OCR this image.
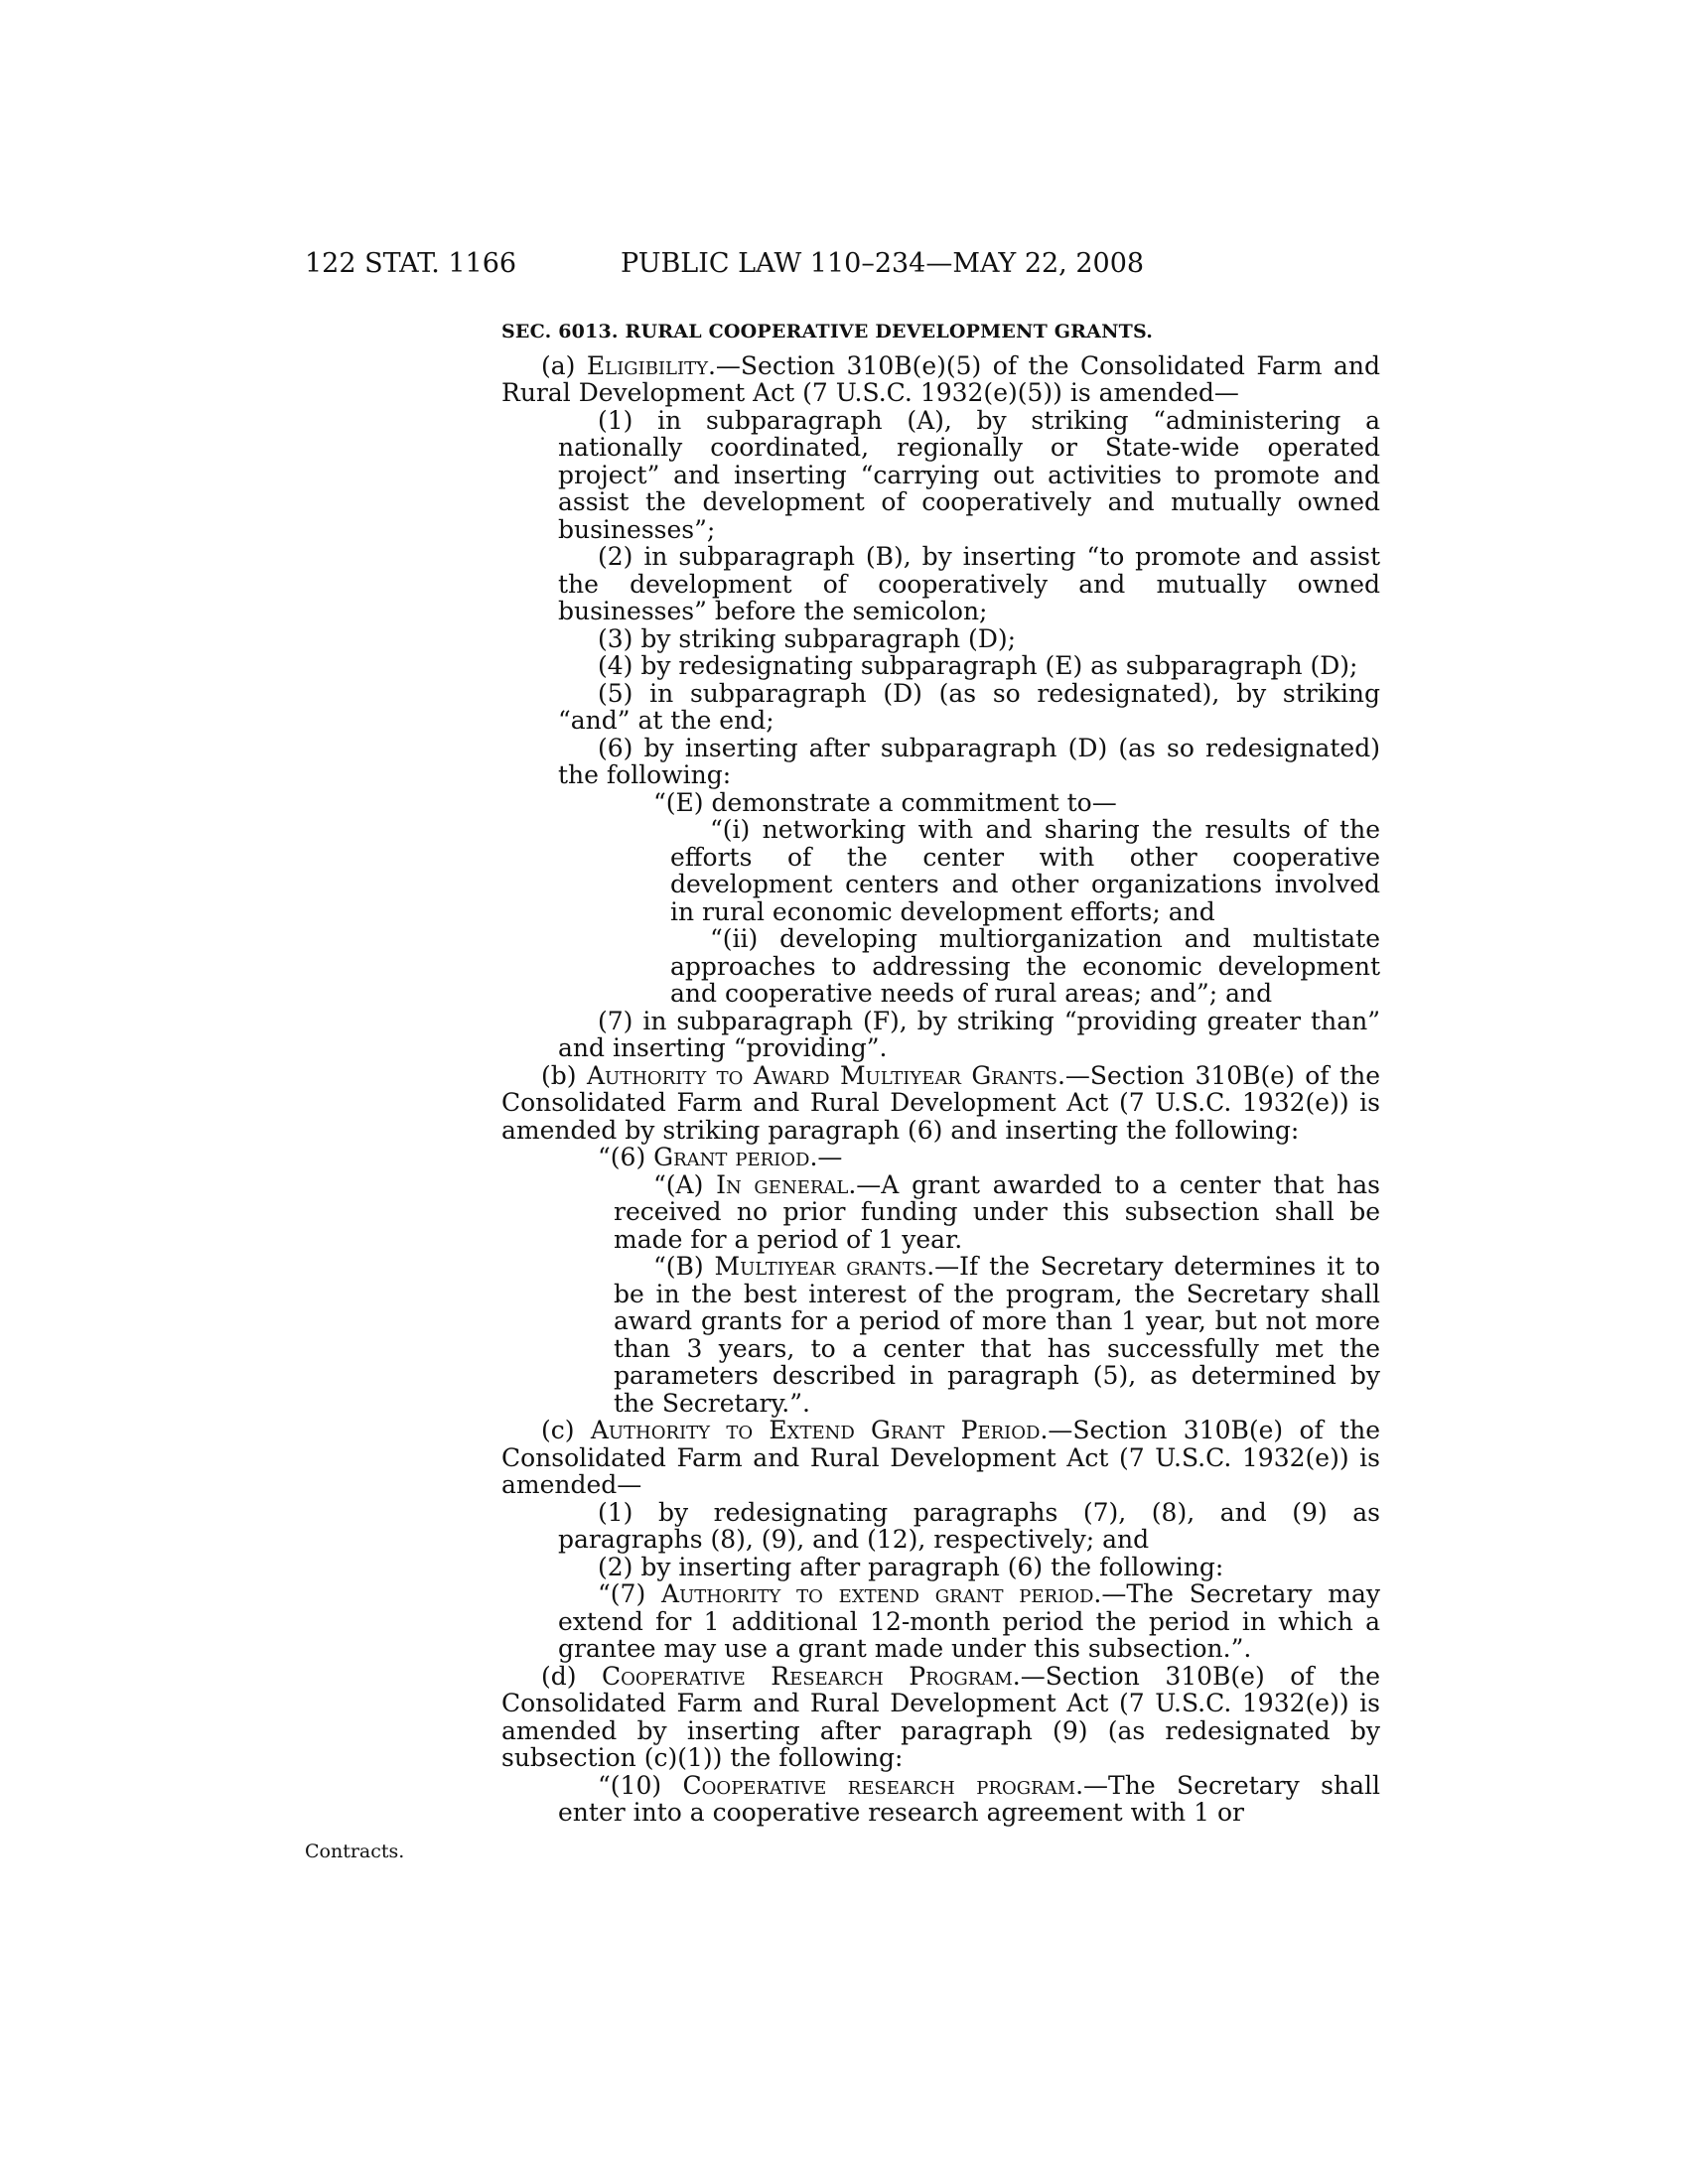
122 STAT. 1166	PUBLIC LAW 110–234—MAY 22, 2008
Contracts.
SEC. 6013. RURAL COOPERATIVE DEVELOPMENT GRANTS.

(a) Eligibility.—Section 310B(e)(5) of the Consolidated Farm and Rural Development Act (7 U.S.C. 1932(e)(5)) is amended—

(1) in subparagraph (A), by striking “administering a nationally coordinated, regionally or State-wide operated project” and inserting “carrying out activities to promote and assist the development of cooperatively and mutually owned businesses”;

(2) in subparagraph (B), by inserting “to promote and assist the development of cooperatively and mutually owned businesses” before the semicolon;

(3) by striking subparagraph (D);

(4) by redesignating subparagraph (E) as subparagraph (D);

(5) in subparagraph (D) (as so redesignated), by striking “and” at the end;

(6) by inserting after subparagraph (D) (as so redesignated) the following:

“(E) demonstrate a commitment to—

“(i) networking with and sharing the results of the efforts of the center with other cooperative development centers and other organizations involved in rural economic development efforts; and

“(ii) developing multiorganization and multistate approaches to addressing the economic development and cooperative needs of rural areas; and”; and

(7) in subparagraph (F), by striking “providing greater than” and inserting “providing”.

(b) Authority to Award Multiyear Grants.—Section 310B(e) of the Consolidated Farm and Rural Development Act (7 U.S.C. 1932(e)) is amended by striking paragraph (6) and inserting the following:

“(6) Grant period.—

“(A) In general.—A grant awarded to a center that has received no prior funding under this subsection shall be made for a period of 1 year.

“(B) Multiyear grants.—If the Secretary determines it to be in the best interest of the program, the Secretary shall award grants for a period of more than 1 year, but not more than 3 years, to a center that has successfully met the parameters described in paragraph (5), as determined by the Secretary.”.

(c) Authority to Extend Grant Period.—Section 310B(e) of the Consolidated Farm and Rural Development Act (7 U.S.C. 1932(e)) is amended—

(1) by redesignating paragraphs (7), (8), and (9) as paragraphs (8), (9), and (12), respectively; and

(2) by inserting after paragraph (6) the following:

“(7) Authority to extend grant period.—The Secretary may extend for 1 additional 12-month period the period in which a grantee may use a grant made under this subsection.”.

(d) Cooperative Research Program.—Section 310B(e) of the Consolidated Farm and Rural Development Act (7 U.S.C. 1932(e)) is amended by inserting after paragraph (9) (as redesignated by subsection (c)(1)) the following:

“(10) Cooperative research program.—The Secretary shall enter into a cooperative research agreement with 1 or
